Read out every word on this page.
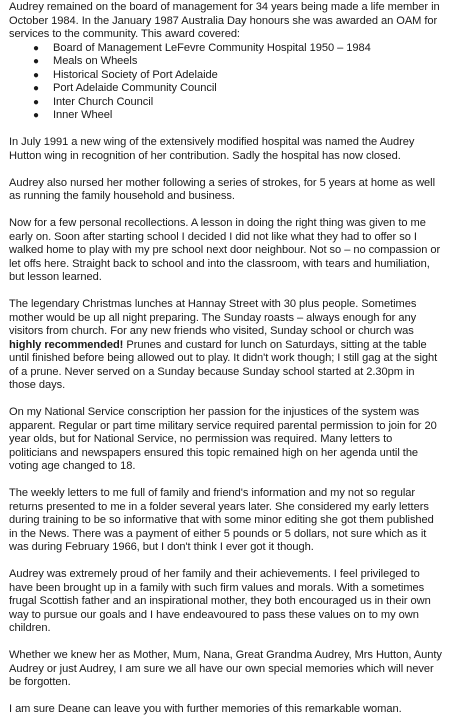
Audrey remained on the board of management for 34 years being made a life member in October 1984. In the January 1987 Australia Day honours she was awarded an OAM for services to the community. This award covered:

● Board of Management LeFevre Community Hospital 1950 – 1984
● Meals on Wheels
● Historical Society of Port Adelaide
● Port Adelaide Community Council
● Inter Church Council
● Inner Wheel

In July 1991 a new wing of the extensively modified hospital was named the Audrey Hutton wing in recognition of her contribution. Sadly the hospital has now closed.

Audrey also nursed her mother following a series of strokes, for 5 years at home as well as running the family household and business.

Now for a few personal recollections. A lesson in doing the right thing was given to me early on. Soon after starting school I decided I did not like what they had to offer so I walked home to play with my pre school next door neighbour. Not so – no compassion or let offs here. Straight back to school and into the classroom, with tears and humiliation, but lesson learned.

The legendary Christmas lunches at Hannay Street with 30 plus people. Sometimes mother would be up all night preparing. The Sunday roasts – always enough for any visitors from church. For any new friends who visited, Sunday school or church was highly recommended! Prunes and custard for lunch on Saturdays, sitting at the table until finished before being allowed out to play. It didn't work though; I still gag at the sight of a prune. Never served on a Sunday because Sunday school started at 2.30pm in those days.

On my National Service conscription her passion for the injustices of the system was apparent. Regular or part time military service required parental permission to join for 20 year olds, but for National Service, no permission was required. Many letters to politicians and newspapers ensured this topic remained high on her agenda until the voting age changed to 18.

The weekly letters to me full of family and friend's information and my not so regular returns presented to me in a folder several years later. She considered my early letters during training to be so informative that with some minor editing she got them published in the News. There was a payment of either 5 pounds or 5 dollars, not sure which as it was during February 1966, but I don't think I ever got it though.

Audrey was extremely proud of her family and their achievements. I feel privileged to have been brought up in a family with such firm values and morals. With a sometimes frugal Scottish father and an inspirational mother, they both encouraged us in their own way to pursue our goals and I have endeavoured to pass these values on to my own children.

Whether we knew her as Mother, Mum, Nana, Great Grandma Audrey, Mrs Hutton, Aunty Audrey or just Audrey, I am sure we all have our own special memories which will never be forgotten.

I am sure Deane can leave you with further memories of this remarkable woman.
